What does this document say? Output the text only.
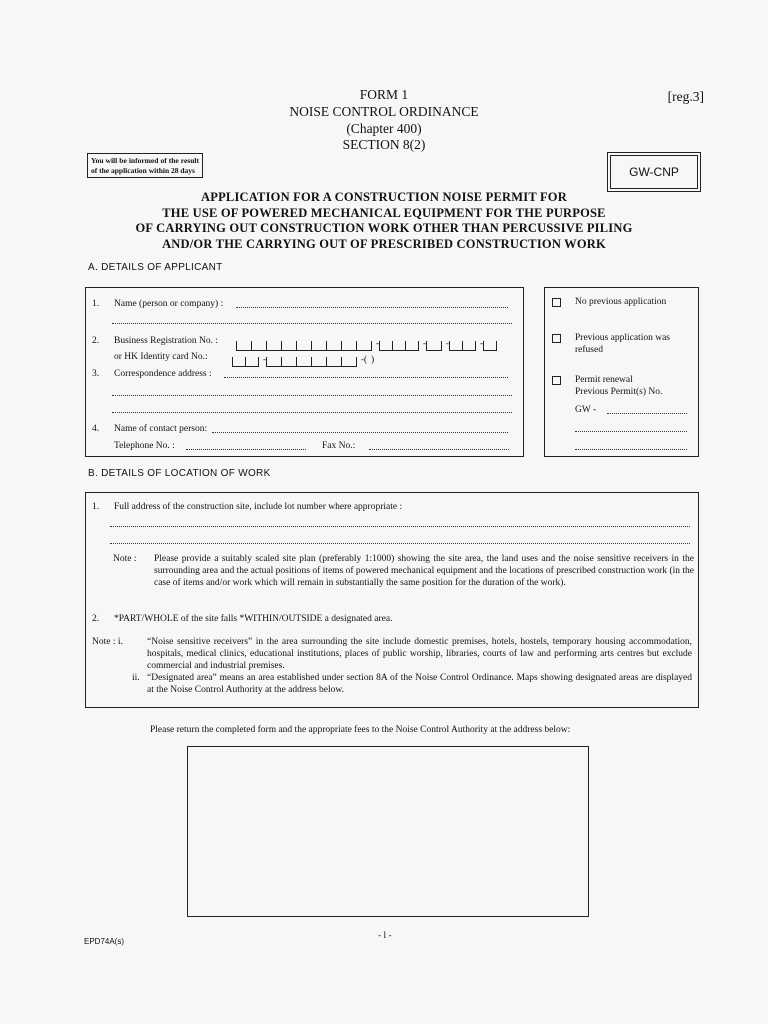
FORM 1
NOISE CONTROL ORDINANCE
(Chapter 400)
SECTION 8(2)
[reg.3]
You will be informed of the result of the application within 28 days	GW-CNP
APPLICATION FOR A CONSTRUCTION NOISE PERMIT FOR
THE USE OF POWERED MECHANICAL EQUIPMENT FOR THE PURPOSE
OF CARRYING OUT CONSTRUCTION WORK OTHER THAN PERCUSSIVE PILING
AND/OR THE CARRYING OUT OF PRESCRIBED CONSTRUCTION WORK
A. DETAILS OF APPLICANT
1. Name (person or company) :
2. Business Registration No. :	-	- -	-
or HK Identity card No.:	-	-( )
3. Correspondence address :
4. Name of contact person:
Telephone No. :	Fax No.:
No previous application
Previous application was refused
Permit renewal
Previous Permit(s) No.
GW -
B. DETAILS OF LOCATION OF WORK
1. Full address of the construction site, include lot number where appropriate :
Note : Please provide a suitably scaled site plan (preferably 1:1000) showing the site area, the land uses and the noise sensitive receivers in the surrounding area and the actual positions of items of powered mechanical equipment and the locations of prescribed construction work (in the case of items and/or work which will remain in substantially the same position for the duration of the work).
2. *PART/WHOLE of the site falls *WITHIN/OUTSIDE a designated area.
Note : i.	“Noise sensitive receivers” in the area surrounding the site include domestic premises, hotels, hostels, temporary housing accommodation, hospitals, medical clinics, educational institutions, places of public worship, libraries, courts of law and performing arts centres but exclude commercial and industrial premises.
ii. “Designated area” means an area established under section 8A of the Noise Control Ordinance. Maps showing designated areas are displayed at the Noise Control Authority at the address below.
Please return the completed form and the appropriate fees to the Noise Control Authority at the address below:
EPD74A(s)
- l -
